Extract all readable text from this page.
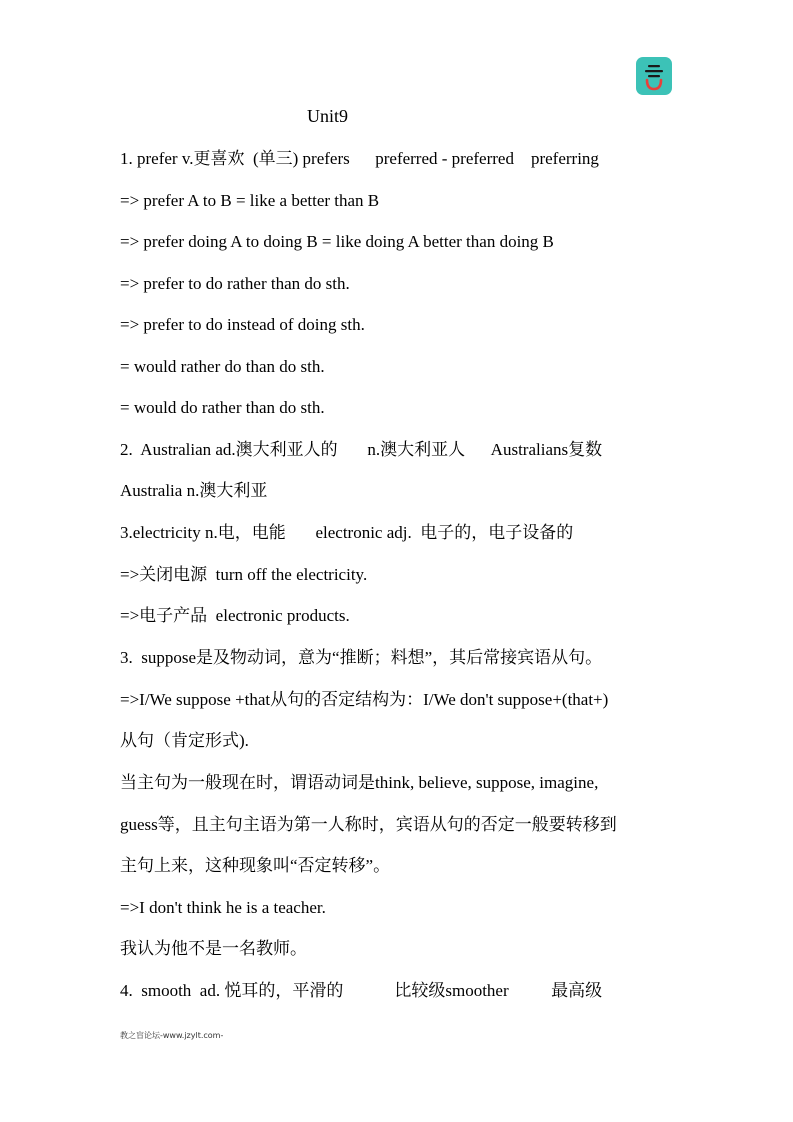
Unit9
1. prefer v.更喜欢  (单三) prefers      preferred - preferred    preferring
=> prefer A to B = like a better than B
=> prefer doing A to doing B = like doing A better than doing B
=> prefer to do rather than do sth.
=> prefer to do instead of doing sth.
= would rather do than do sth.
= would do rather than do sth.
2.  Australian ad.澳大利亚人的       n.澳大利亚人      Australians复数
Australia n.澳大利亚
3.electricity n.电，电能       electronic adj.  电子的，电子设备的
=>关闭电源  turn off the electricity.
=>电子产品  electronic products.
3.  suppose是及物动词，意为“推断；料想”，其后常接宾语从句。
=>I/We suppose +that从句的否定结构为：I/We don't suppose+(that+)
从句（肯定形式).
当主句为一般现在时，谓语动词是think, believe, suppose, imagine,
guess等，且主句主语为第一人称时，宾语从句的否定一般要转移到
主句上来，这种现象叫“否定转移”。
=>I don't think he is a teacher.
我认为他不是一名教师。
4.  smooth  ad. 悦耳的，平滑的            比较级smoother          最高级
教之盲论坛-www.jzylt.com-
